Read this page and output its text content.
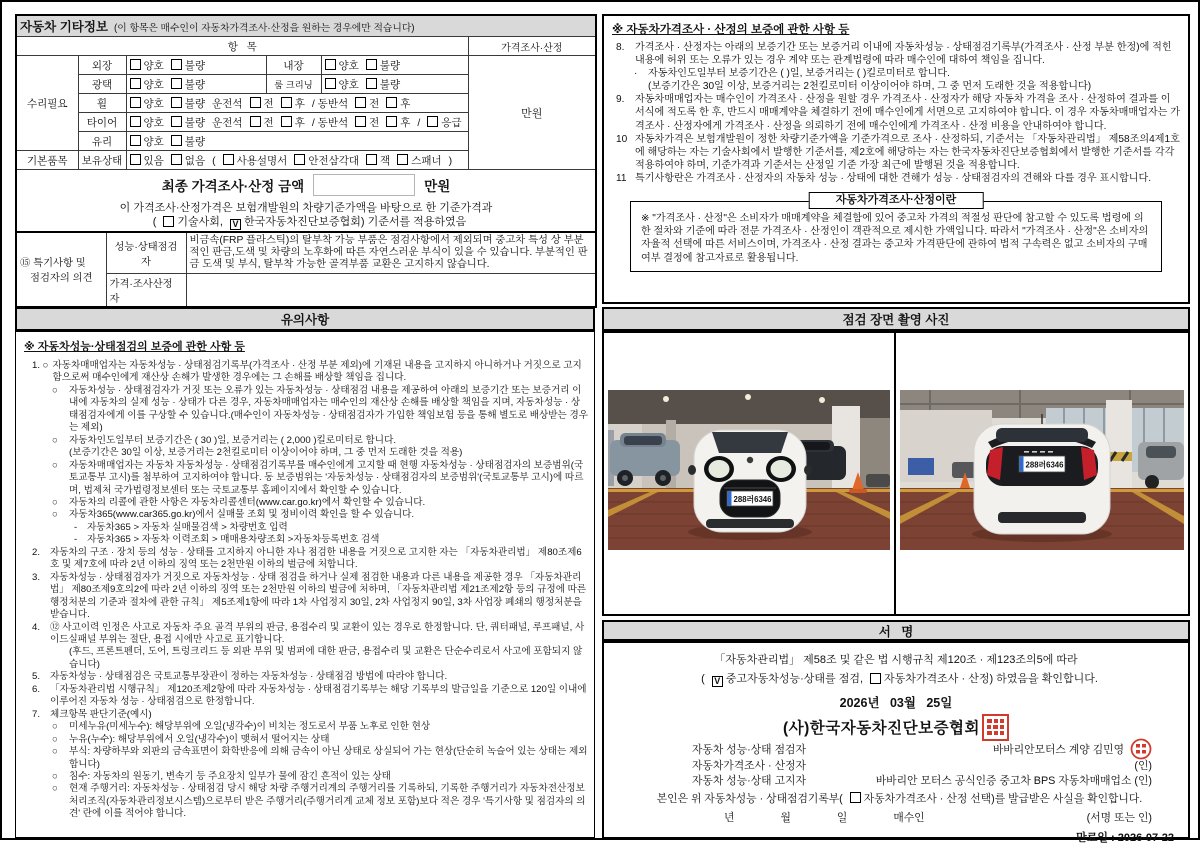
자동차 기타정보 (이 항목은 매수인이 자동차가격조사·산정을 원하는 경우에만 적습니다)					
항   목					가격조사·산정
수리필요	외장	양호 불량	내장	양호 불량	만원
	광택	양호 불량	룸 크리닝	양호 불량	
	휠	양호 불량 운전석 전 후 / 동반석 전 후			
	타이어	양호 불량 운전석 전 후 / 동반석 전 후 / 응급			
	유리	양호 불량			
기본품목	보유상태	있음 없음 ( 사용설명서 안전삼각대 잭 스패너 )			

최종 가격조사·산정 금액 만원
이 가격조사·산정가격은 보험개발원의 차량기준가액을 바탕으로 한 기준가격과
( 기술사회, V 한국자동차진단보증협회) 기준서를 적용하였음					
⑮ 특기사항 및
점검자의 의견	성능·상태점검자	비금속(FRP 플라스틱)의 탈부착 가능 부품은 점검사항에서 제외되며 중고차 특성 상 부분적인 판금,도색 및 차량의 노후화에 따른 자연스러운 부식이 있을 수 있습니다. 부분적인 판금 도색 및 부식, 탈부착 가능한 골격부품 교환은 고지하지 않습니다.
	가격·조사산정자	
※ 자동차가격조사 · 산정의 보증에 관한 사항 등
8.	가격조사 · 산정자는 아래의 보증기간 또는 보증거리 이내에 자동차성능 · 상태점검기록부(가격조사 · 산정 부분 한정)에 적힌 내용에 허위 또는 오류가 있는 경우 계약 또는 관계법령에 따라 매수인에 대하여 책임을 집니다.
·	자동차인도일부터 보증기간은 ( )일, 보증거리는 ( )킬로미터로 합니다.
(보증기간은 30일 이상, 보증거리는 2천킬로미터 이상이어야 하며, 그 중 먼저 도래한 것을 적용합니다)
9.	자동차매매업자는 매수인이 가격조사 · 산정을 원할 경우 가격조사 · 산정자가 해당 자동차 가격을 조사 · 산정하여 결과를 이 서식에 적도록 한 후, 반드시 매매계약을 체결하기 전에 매수인에게 서면으로 고지하여야 합니다. 이 경우 자동차매매업자는 가격조사 · 산정자에게 가격조사 · 산정을 의뢰하기 전에 매수인에게 가격조사 · 산정 비용을 안내하여야 합니다.
10 자동차가격은 보험개발원이 정한 차량기준가액을 기준가격으로 조사 · 산정하되, 기준서는 「자동차관리법」 제58조의4제1호에 해당하는 자는 기술사회에서 발행한 기준서를, 제2호에 해당하는 자는 한국자동차진단보증협회에서 발행한 기준서를 각각 적용하여야 하며, 기준가격과 기준서는 산정일 기준 가장 최근에 발행된 것을 적용합니다.
11 특기사항란은 가격조사 · 산정자의 자동차 성능 · 상태에 대한 견해가 성능 · 상태점검자의 견해와 다를 경우 표시합니다.
자동차가격조사·산정이란
※ "가격조사 · 산정"은 소비자가 매매계약을 체결함에 있어 중고차 가격의 적절성 판단에 참고할 수 있도록 법령에 의한 절차와 기준에 따라 전문 가격조사 · 산정인이 객관적으로 제시한 가액입니다. 따라서 "가격조사 · 산정"은 소비자의 자율적 선택에 따른 서비스이며, 가격조사 · 산정 결과는 중고차 가격판단에 관하여 법적 구속력은 없고 소비자의 구매여부 결정에 참고자료로 활용됩니다.
유의사항	점검 장면 촬영 사진
서   명
※ 자동차성능·상태점검의 보증에 관한 사항 등
1. ○ 자동차매매업자는 자동차성능 · 상태점검기록부(가격조사 · 산정 부분 제외)에 기재된 내용을 고지하지 아니하거나 거짓으로 고지함으로써 매수인에게 재산상 손해가 발생한 경우에는 그 손해를 배상할 책임을 집니다.
○	자동차성능 · 상태점검자가 거짓 또는 오류가 있는 자동차성능 · 상태점검 내용을 제공하여 아래의 보증기간 또는 보증거리 이내에 자동차의 실제 성능 · 상태가 다른 경우, 자동차매매업자는 매수인의 재산상 손해를 배상할 책임을 지며, 자동차성능 · 상태점검자에게 이를 구상할 수 있습니다.(매수인이 자동차성능 · 상태점검자가 가입한 책임보험 등을 통해 별도로 배상받는 경우는 제외)
○	자동차인도일부터 보증기간은 ( 30 )일, 보증거리는 ( 2,000 )킬로미터로 합니다.
(보증기간은 30일 이상, 보증거리는 2천킬로미터 이상이어야 하며, 그 중 먼저 도래한 것을 적용)
○	자동차매매업자는 자동차 자동차성능 · 상태점검기록부를 매수인에게 고지할 때 현행 자동차성능 · 상태점검자의 보증범위(국토교통부 고시)를 첨부하여 고지하여야 합니다. 동 보증범위는 '자동차성능 · 상태점검자의 보증범위'(국토교통부 고시)에 따르며, 법제처 국가법령정보센터 또는 국토교통부 홈페이지에서 확인할 수 있습니다.
○	자동차의 리콜에 관한 사항은 자동차리콜센터(www.car.go.kr)에서 확인할 수 있습니다.
○	자동차365(www.car365.go.kr)에서 실매물 조회 및 정비이력 확인을 할 수 있습니다.
-	자동차365 > 자동차 실매물검색 > 차량번호 입력
-	자동차365 > 자동차 이력조회 > 매매용차량조회 >자동차등록번호 검색
2.	자동차의 구조 · 장치 등의 성능 · 상태를 고지하지 아니한 자나 점검한 내용을 거짓으로 고지한 자는 「자동차관리법」 제80조제6호 및 제7호에 따라 2년 이하의 징역 또는 2천만원 이하의 벌금에 처합니다.
3.	자동차성능 · 상태점검자가 거짓으로 자동차성능 · 상태 점검을 하거나 실제 점검한 내용과 다른 내용을 제공한 경우 「자동차관리법」 제80조제9호의2에 따라 2년 이하의 징역 또는 2천만원 이하의 벌금에 처하며, 「자동차관리법 제21조제2항 등의 규정에 따른 행정처분의 기준과 절차에 관한 규칙」 제5조제1항에 따라 1차 사업정지 30일, 2차 사업정지 90일, 3차 사업장 폐쇄의 행정처분을 받습니다.
4.	⑫ 사고이력 인정은 사고로 자동차 주요 골격 부위의 판금, 용접수리 및 교환이 있는 경우로 한정합니다. 단, 쿼터패널, 루프패널, 사이드실패널 부위는 절단, 용접 시에만 사고로 표기합니다.
(후드, 프론트펜더, 도어, 트렁크리드 등 외판 부위 및 범퍼에 대한 판금, 용접수리 및 교환은 단순수리로서 사고에 포함되지 않습니다)
5.	자동차성능 · 상태점검은 국토교통부장관이 정하는 자동차성능 · 상태점검 방법에 따라야 합니다.
6.	「자동차관리법 시행규칙」 제120조제2항에 따라 자동차성능 · 상태점검기록부는 해당 기록부의 발급일을 기준으로 120일 이내에 이루어진 자동차 성능 · 상태점검으로 한정합니다.
7.	체크항목 판단기준(예시)
○	미세누유(미세누수): 해당부위에 오일(냉각수)이 비치는 정도로서 부품 노후로 인한 현상
○	누유(누수): 해당부위에서 오일(냉각수)이 맺혀서 떨어지는 상태
○	부식: 차량하부와 외판의 금속표면이 화학반응에 의해 금속이 아닌 상태로 상실되어 가는 현상(단순히 녹슬어 있는 상태는 제외합니다)
○	침수: 자동차의 원동기, 변속기 등 주요장치 일부가 물에 잠긴 흔적이 있는 상태
○	현재 주행거리: 자동차성능 · 상태점검 당시 해당 차량 주행거리계의 주행거리를 기록하되, 기록한 주행거리가 자동차전산정보처리조직(자동차관리정보시스템)으로부터 받은 주행거리(주행거리계 교체 정보 포함)보다 적은 경우 '특기사항 및 점검자의 의견' 란에 이를 적어야 합니다.
288러6346
288러6346
「자동차관리법」 제58조 및 같은 법 시행규칙 제120조 · 제123조의5에 따라
( V 중고자동차성능·상태를 점검, 자동차가격조사 · 산정) 하였음을 확인합니다.
2026년   03월   25일
(사)한국자동차진단보증협회
자동차 성능·상태 점검자	바바리안모터스 계양 김민영
자동차가격조사 · 산정자	(인)
자동차 성능·상태 고지자	바바리안 모터스 공식인증 중고차 BPS 자동차매매업소 (인)
본인은 위 자동차성능 · 상태점검기록부( 자동차가격조사 · 산정 선택)를 발급받은 사실을 확인합니다.
년	월	일	매수인	(서명 또는 인)
만료일 : 2026-07-22
